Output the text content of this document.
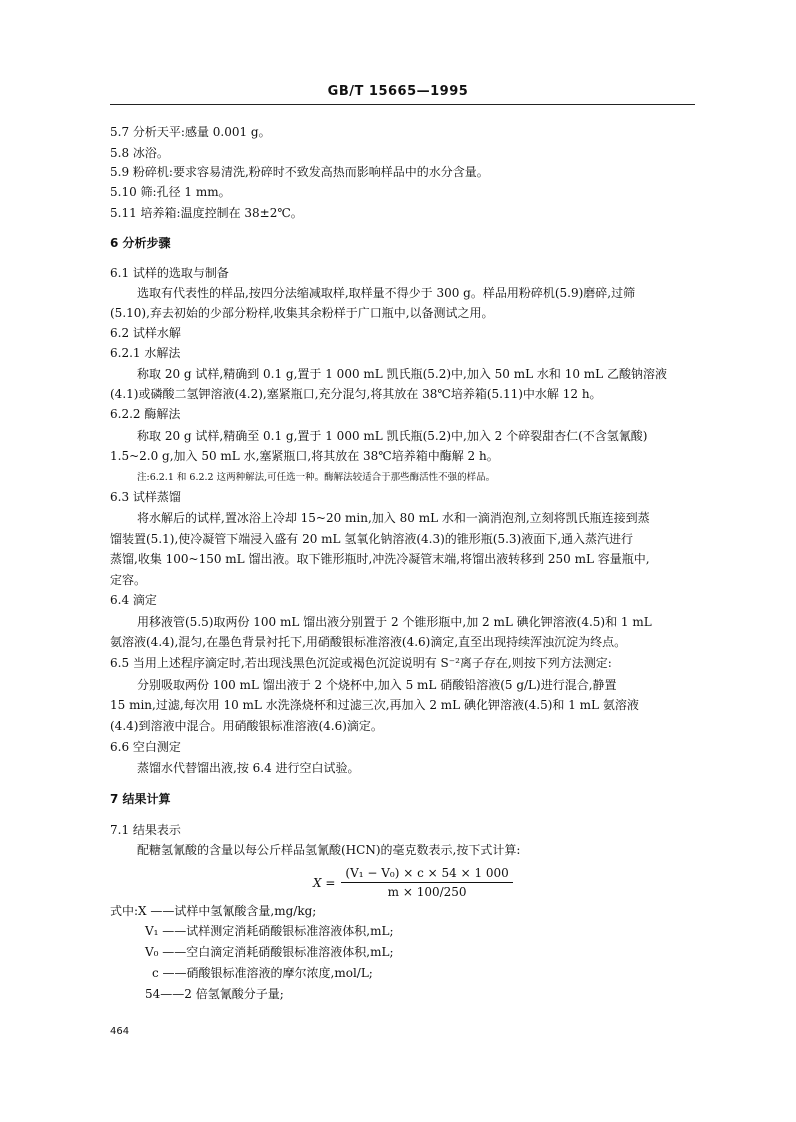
GB/T 15665—1995
5.7 分析天平:感量 0.001 g。
5.8 冰浴。
5.9 粉碎机:要求容易清洗,粉碎时不致发高热而影响样品中的水分含量。
5.10 筛:孔径 1 mm。
5.11 培养箱:温度控制在 38±2℃。
6 分析步骤
6.1 试样的选取与制备
选取有代表性的样品,按四分法缩减取样,取样量不得少于 300 g。样品用粉碎机(5.9)磨碎,过筛
(5.10),弃去初始的少部分粉样,收集其余粉样于广口瓶中,以备测试之用。
6.2 试样水解
6.2.1 水解法
称取 20 g 试样,精确到 0.1 g,置于 1 000 mL 凯氏瓶(5.2)中,加入 50 mL 水和 10 mL 乙酸钠溶液
(4.1)或磷酸二氢钾溶液(4.2),塞紧瓶口,充分混匀,将其放在 38℃培养箱(5.11)中水解 12 h。
6.2.2 酶解法
称取 20 g 试样,精确至 0.1 g,置于 1 000 mL 凯氏瓶(5.2)中,加入 2 个碎裂甜杏仁(不含氢氰酸)
1.5~2.0 g,加入 50 mL 水,塞紧瓶口,将其放在 38℃培养箱中酶解 2 h。
注:6.2.1 和 6.2.2 这两种解法,可任选一种。酶解法较适合于那些酶活性不强的样品。
6.3 试样蒸馏
将水解后的试样,置冰浴上冷却 15~20 min,加入 80 mL 水和一滴消泡剂,立刻将凯氏瓶连接到蒸
馏装置(5.1),使冷凝管下端浸入盛有 20 mL 氢氧化钠溶液(4.3)的锥形瓶(5.3)液面下,通入蒸汽进行
蒸馏,收集 100~150 mL 馏出液。取下锥形瓶时,冲洗冷凝管末端,将馏出液转移到 250 mL 容量瓶中,
定容。
6.4 滴定
用移液管(5.5)取两份 100 mL 馏出液分别置于 2 个锥形瓶中,加 2 mL 碘化钾溶液(4.5)和 1 mL
氨溶液(4.4),混匀,在墨色背景衬托下,用硝酸银标准溶液(4.6)滴定,直至出现持续浑浊沉淀为终点。
6.5 当用上述程序滴定时,若出现浅黑色沉淀或褐色沉淀说明有 S⁻²离子存在,则按下列方法测定:
分别吸取两份 100 mL 馏出液于 2 个烧杯中,加入 5 mL 硝酸铅溶液(5 g/L)进行混合,静置
15 min,过滤,每次用 10 mL 水洗涤烧杯和过滤三次,再加入 2 mL 碘化钾溶液(4.5)和 1 mL 氨溶液
(4.4)到溶液中混合。用硝酸银标准溶液(4.6)滴定。
6.6 空白测定
蒸馏水代替馏出液,按 6.4 进行空白试验。
7 结果计算
7.1 结果表示
配糖氢氰酸的含量以每公斤样品氢氰酸(HCN)的毫克数表示,按下式计算:
式中:X ——试样中氢氰酸含量,mg/kg;
V₁ ——试样测定消耗硝酸银标准溶液体积,mL;
V₀ ——空白滴定消耗硝酸银标准溶液体积,mL;
c ——硝酸银标准溶液的摩尔浓度,mol/L;
54——2 倍氢氰酸分子量;
$X = \frac{\text{(V₁ − V₀) × c × 54 × 1 000}}{m \times 100/250}$
464
